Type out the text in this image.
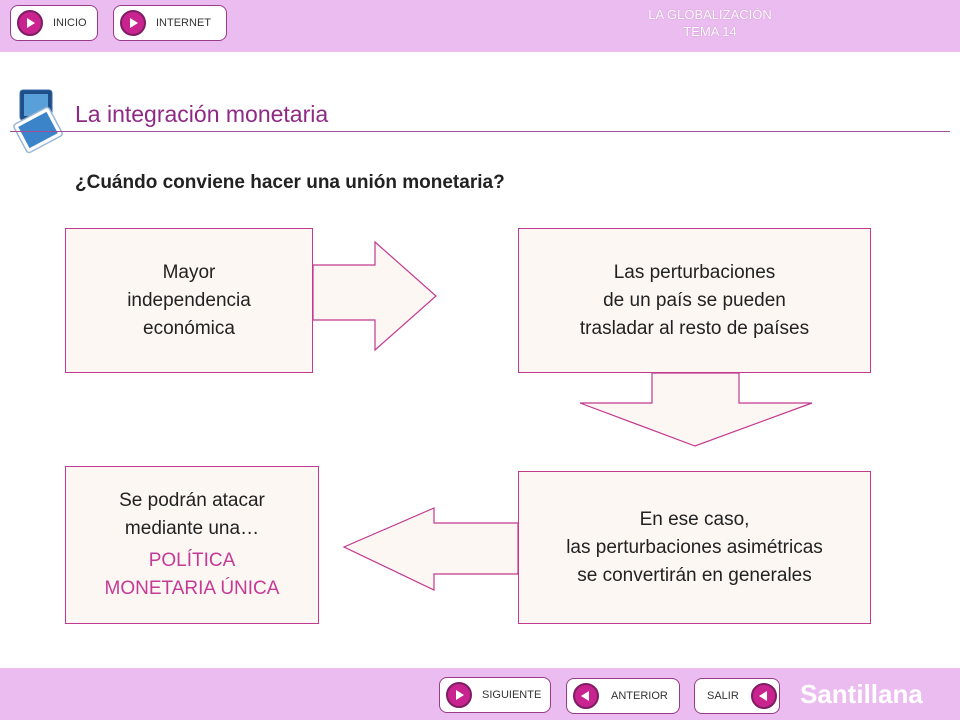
INICIO	INTERNET
LA GLOBALIZACIÓN
TEMA 14
La integración monetaria
¿Cuándo conviene hacer una unión monetaria?
Mayor
independencia
económica
Las perturbaciones
de un país se pueden
trasladar al resto de países
En ese caso,
las perturbaciones asimétricas
se convertirán en generales
Se podrán atacar
mediante una…
POLÍTICA
MONETARIA ÚNICA
SIGUIENTE	ANTERIOR	SALIR Santillana
